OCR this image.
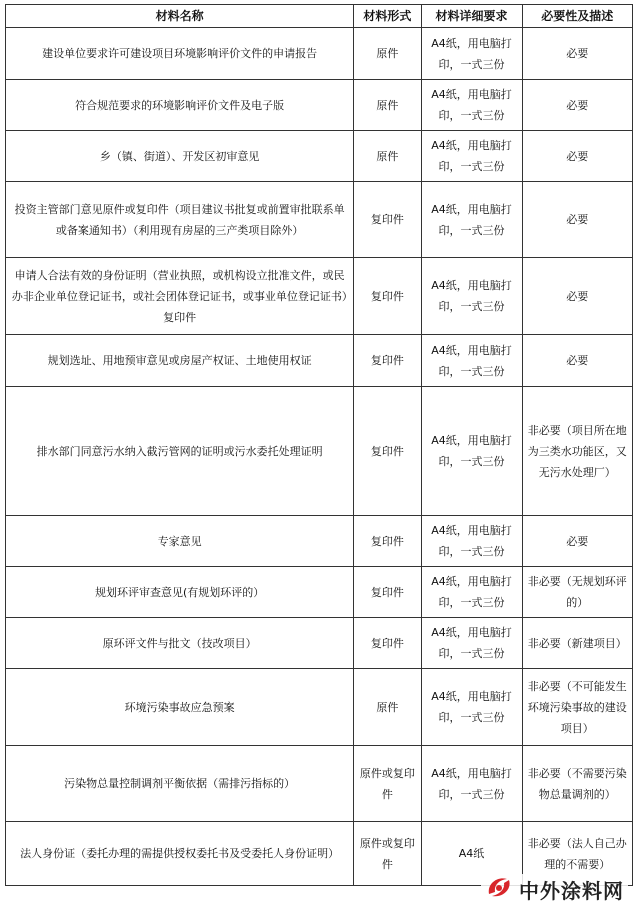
材料名称	材料形式	材料详细要求	必要性及描述
建设单位要求许可建设项目环境影响评价文件的申请报告	原件	A4纸，用电脑打印，一式三份	必要
符合规范要求的环境影响评价文件及电子版	原件	A4纸，用电脑打印，一式三份	必要
乡（镇、街道）、开发区初审意见	原件	A4纸，用电脑打印，一式三份	必要
投资主管部门意见原件或复印件（项目建议书批复或前置审批联系单或备案通知书）（利用现有房屋的三产类项目除外）	复印件	A4纸，用电脑打印，一式三份	必要
申请人合法有效的身份证明（营业执照，或机构设立批准文件，或民办非企业单位登记证书，或社会团体登记证书，或事业单位登记证书）复印件	复印件	A4纸，用电脑打印，一式三份	必要
规划选址、用地预审意见或房屋产权证、土地使用权证	复印件	A4纸，用电脑打印，一式三份	必要
排水部门同意污水纳入截污管网的证明或污水委托处理证明	复印件	A4纸，用电脑打印，一式三份	非必要（项目所在地为三类水功能区，又无污水处理厂）
专家意见	复印件	A4纸，用电脑打印，一式三份	必要
规划环评审查意见(有规划环评的）	复印件	A4纸，用电脑打印，一式三份	非必要（无规划环评的）
原环评文件与批文（技改项目）	复印件	A4纸，用电脑打印，一式三份	非必要（新建项目）
环境污染事故应急预案	原件	A4纸，用电脑打印，一式三份	非必要（不可能发生环境污染事故的建设项目）
污染物总量控制调剂平衡依据（需排污指标的）	原件或复印件	A4纸，用电脑打印，一式三份	非必要（不需要污染物总量调剂的）
法人身份证（委托办理的需提供授权委托书及受委托人身份证明）	原件或复印件	A4纸	非必要（法人自己办理的不需要）
中外涂料网
